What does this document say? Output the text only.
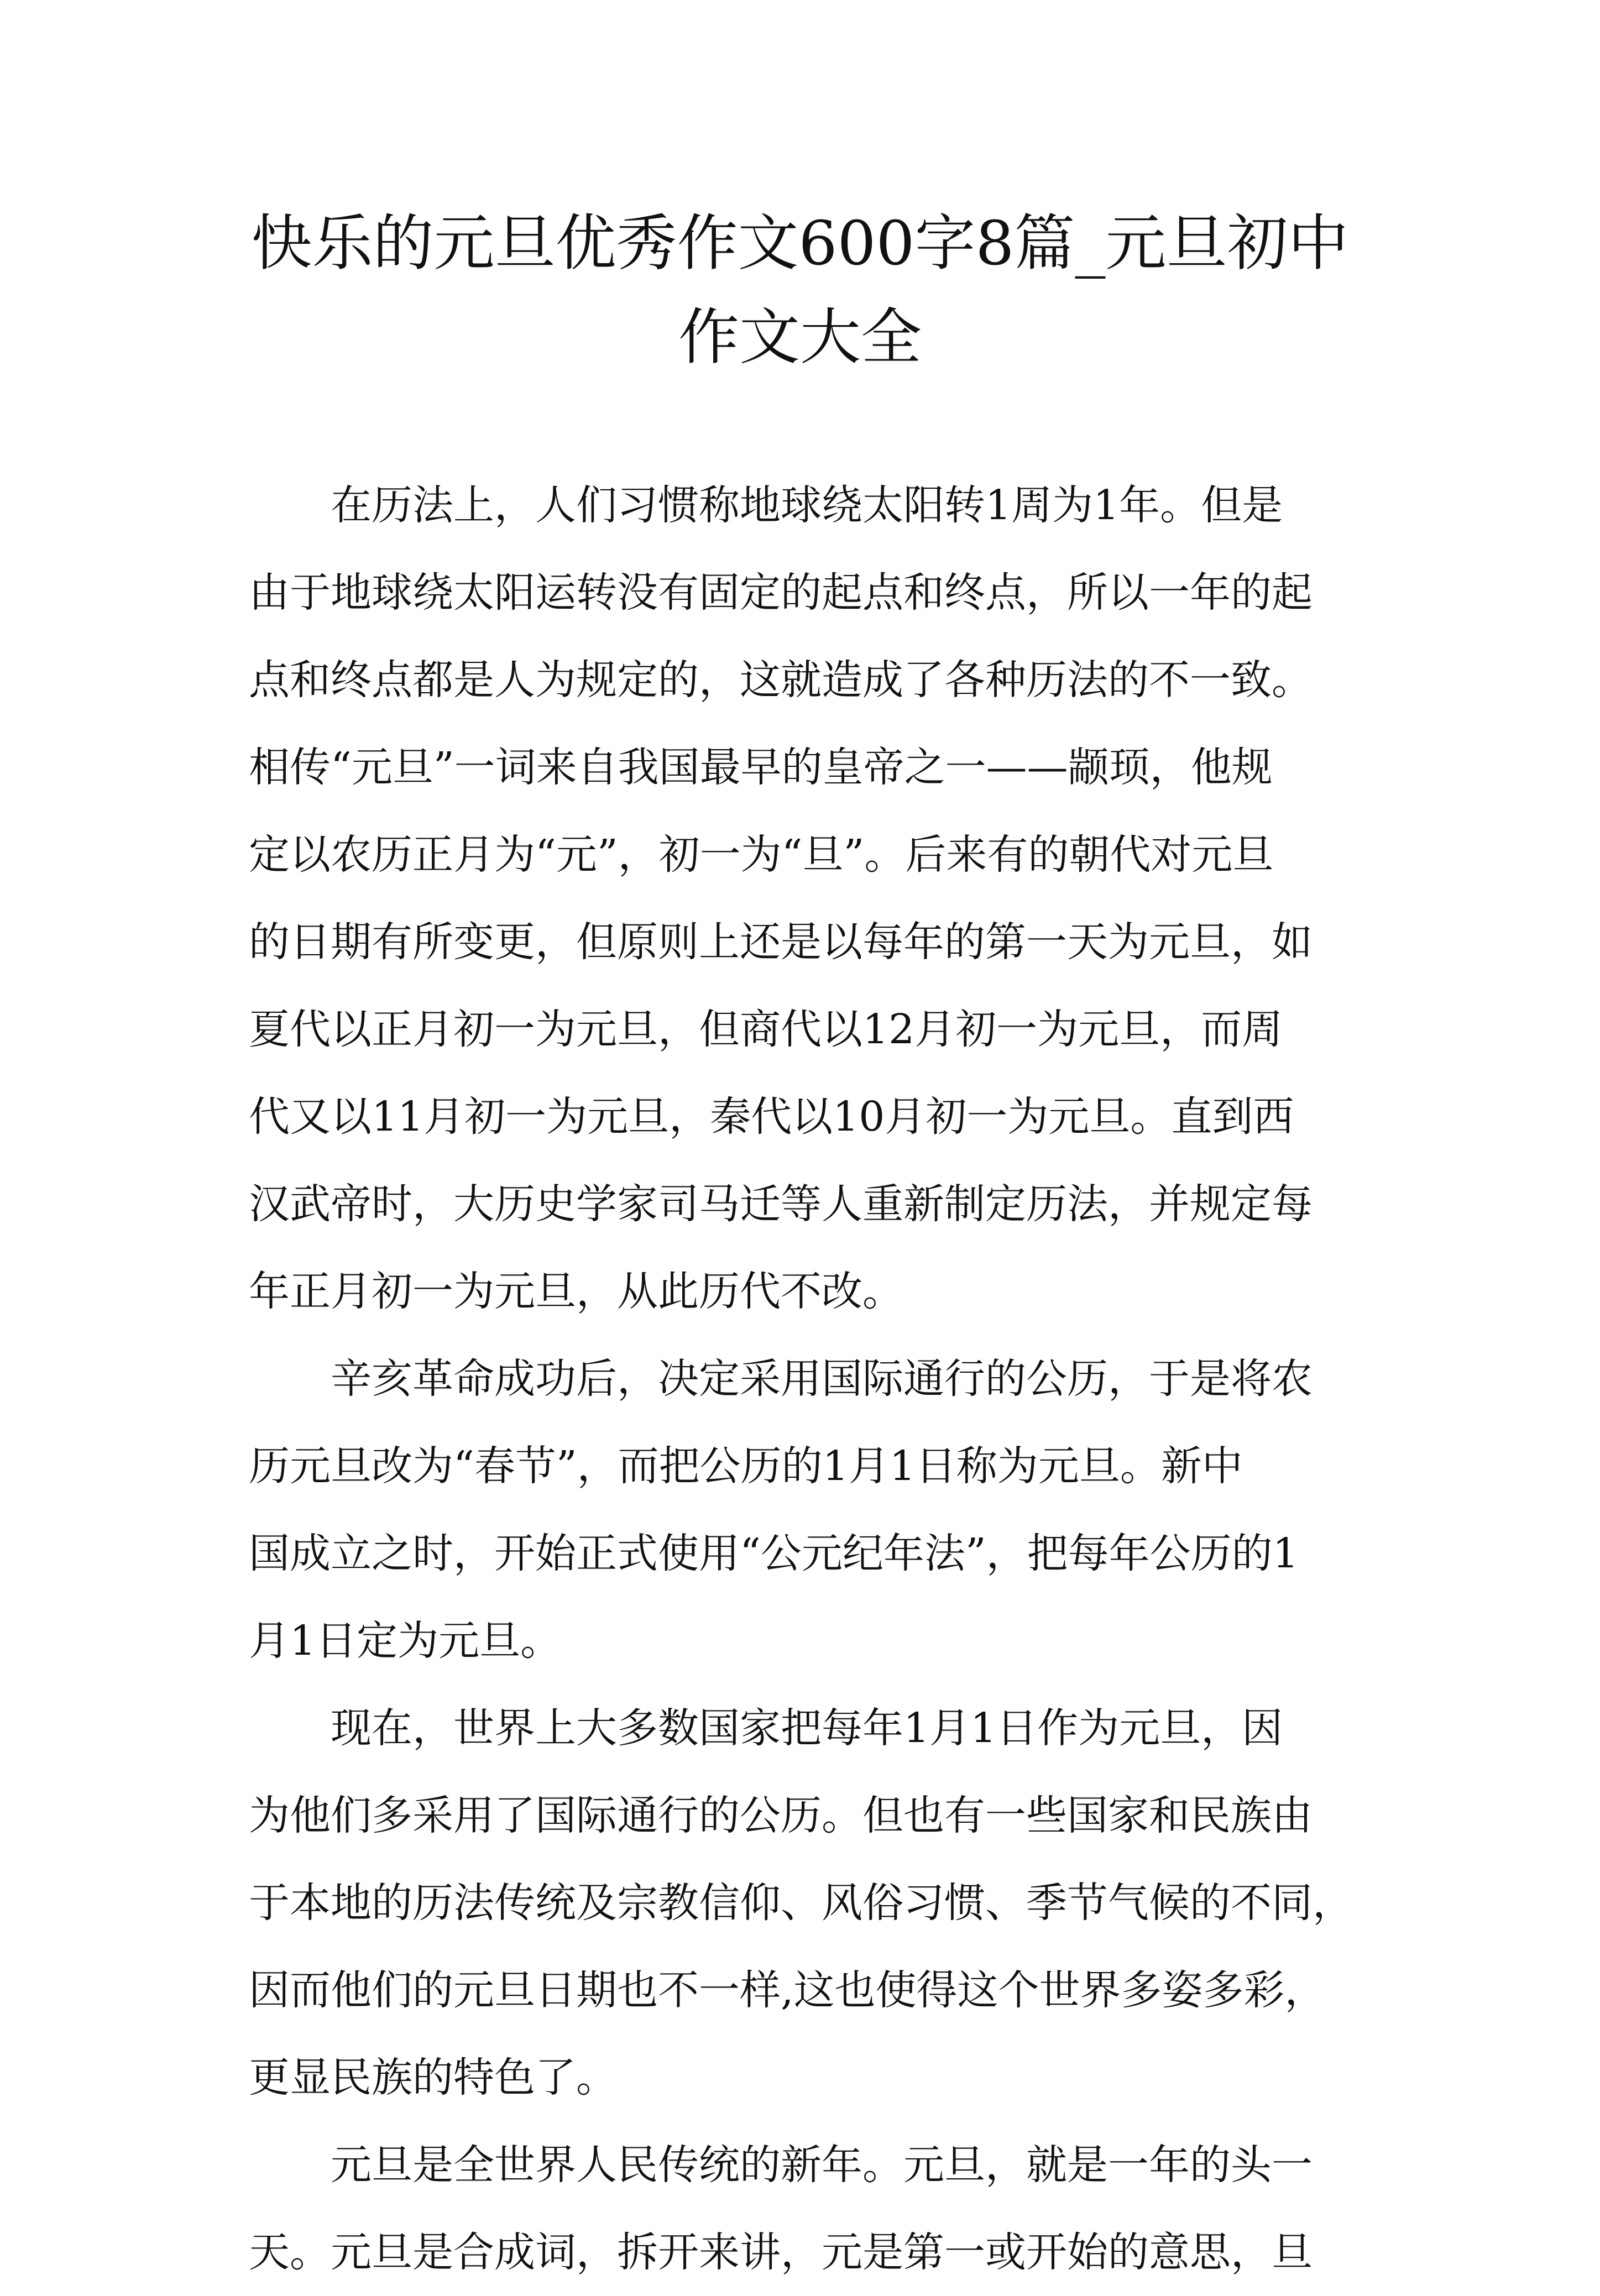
快乐的元旦优秀作文600字8篇_元旦初中
作文大全
在历法上，人们习惯称地球绕太阳转1周为1年。但是
由于地球绕太阳运转没有固定的起点和终点，所以一年的起
点和终点都是人为规定的，这就造成了各种历法的不一致。
相传“元旦”一词来自我国最早的皇帝之一——颛顼，他规
定以农历正月为“元”，初一为“旦”。后来有的朝代对元旦
的日期有所变更，但原则上还是以每年的第一天为元旦，如
夏代以正月初一为元旦，但商代以12月初一为元旦，而周
代又以11月初一为元旦，秦代以10月初一为元旦。直到西
汉武帝时，大历史学家司马迁等人重新制定历法，并规定每
年正月初一为元旦，从此历代不改。
辛亥革命成功后，决定采用国际通行的公历，于是将农
历元旦改为“春节”，而把公历的1月1日称为元旦。新中
国成立之时，开始正式使用“公元纪年法”，把每年公历的1
月1日定为元旦。
现在，世界上大多数国家把每年1月1日作为元旦，因
为他们多采用了国际通行的公历。但也有一些国家和民族由
于本地的历法传统及宗教信仰、风俗习惯、季节气候的不同，
因而他们的元旦日期也不一样,这也使得这个世界多姿多彩，
更显民族的特色了。
元旦是全世界人民传统的新年。元旦，就是一年的头一
天。元旦是合成词，拆开来讲，元是第一或开始的意思，旦
